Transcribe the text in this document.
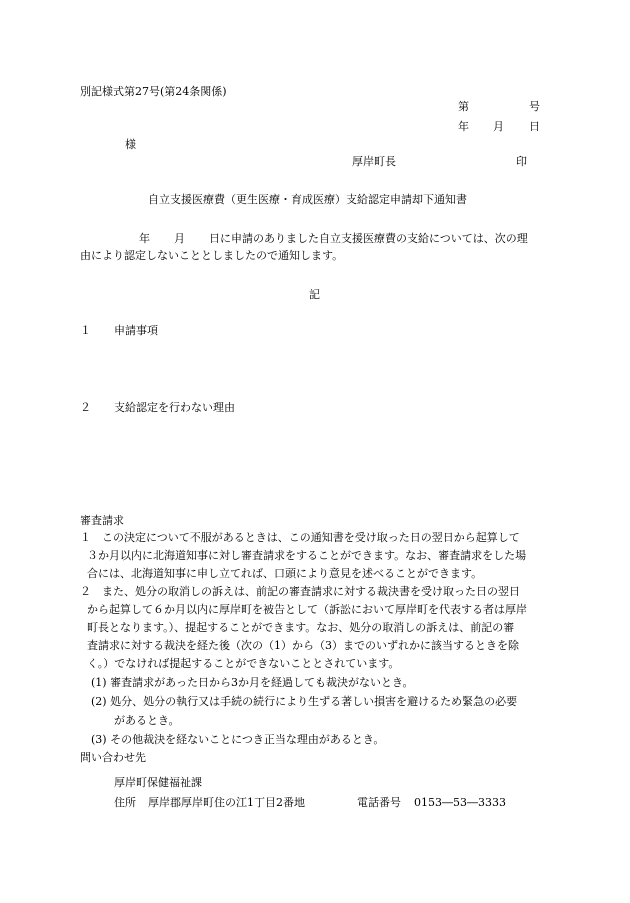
別記様式第27号(第24条関係)
第	号
年 月 日
様
厚岸町長	印
自立支援医療費（更生医療・育成医療）支給認定申請却下通知書
年 月 日に申請のありました自立支援医療費の支給については、次の理
由により認定しないこととしましたので通知します。
記
１ 申請事項
２ 支給認定を行わない理由
審査請求
１　この決定について不服があるときは、この通知書を受け取った日の翌日から起算して
３か月以内に北海道知事に対し審査請求をすることができます。なお、審査請求をした場
合には、北海道知事に申し立てれば、口頭により意見を述べることができます。
２　また、処分の取消しの訴えは、前記の審査請求に対する裁決書を受け取った日の翌日
から起算して６か月以内に厚岸町を被告として（訴訟において厚岸町を代表する者は厚岸
町長となります。）、提起することができます。なお、処分の取消しの訴えは、前記の審
査請求に対する裁決を経た後（次の（1）から（3）までのいずれかに該当するときを除
く。）でなければ提起することができないこととされています。
(1) 審査請求があった日から3か月を経過しても裁決がないとき。
(2) 処分、処分の執行又は手続の続行により生ずる著しい損害を避けるため緊急の必要
があるとき。
(3) その他裁決を経ないことにつき正当な理由があるとき。
問い合わせ先
厚岸町保健福祉課
住所 厚岸郡厚岸町住の江1丁目2番地	電話番号 0153―53―3333
